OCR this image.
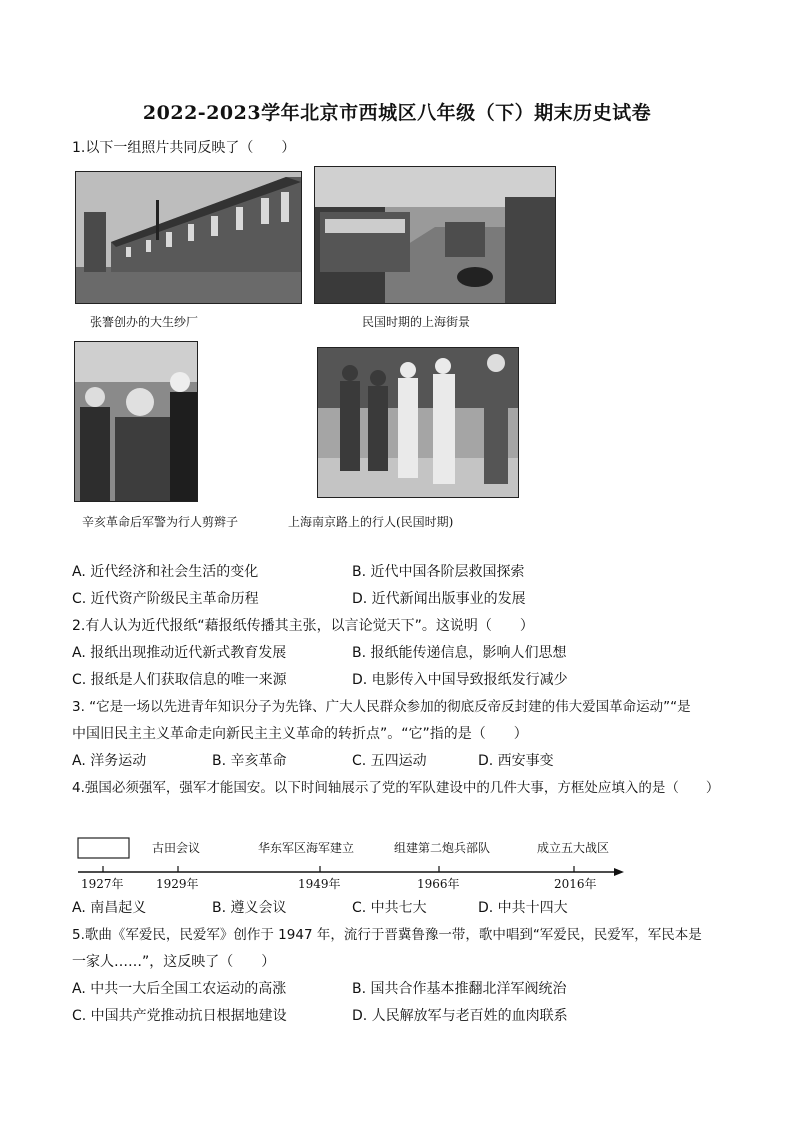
2022-2023学年北京市西城区八年级（下）期末历史试卷
1.以下一组照片共同反映了（　　）
张謇创办的大生纱厂	民国时期的上海街景
辛亥革命后军警为行人剪辫子	上海南京路上的行人(民国时期)
A. 近代经济和社会生活的变化	B. 近代中国各阶层救国探索
C. 近代资产阶级民主革命历程	D. 近代新闻出版事业的发展
2.有人认为近代报纸“藉报纸传播其主张，以言论觉天下”。这说明（　　）
A. 报纸出现推动近代新式教育发展	B. 报纸能传递信息，影响人们思想
C. 报纸是人们获取信息的唯一来源	D. 电影传入中国导致报纸发行减少
3. “它是一场以先进青年知识分子为先锋、广大人民群众参加的彻底反帝反封建的伟大爱国革命运动”“是
中国旧民主主义革命走向新民主主义革命的转折点”。“它”指的是（　　）
A. 洋务运动	B. 辛亥革命	C. 五四运动	D. 西安事变
4.强国必须强军，强军才能国安。以下时间轴展示了党的军队建设中的几件大事，方框处应填入的是（　　）
古田会议	华东军区海军建立	组建第二炮兵部队	成立五大战区
1927年	1929年	1949年	1966年	2016年
A. 南昌起义	B. 遵义会议	C. 中共七大	D. 中共十四大
5.歌曲《军爱民，民爱军》创作于 1947 年，流行于晋冀鲁豫一带，歌中唱到“军爱民，民爱军，军民本是
一家人……”，这反映了（　　）
A. 中共一大后全国工农运动的高涨	B. 国共合作基本推翻北洋军阀统治
C. 中国共产党推动抗日根据地建设	D. 人民解放军与老百姓的血肉联系
